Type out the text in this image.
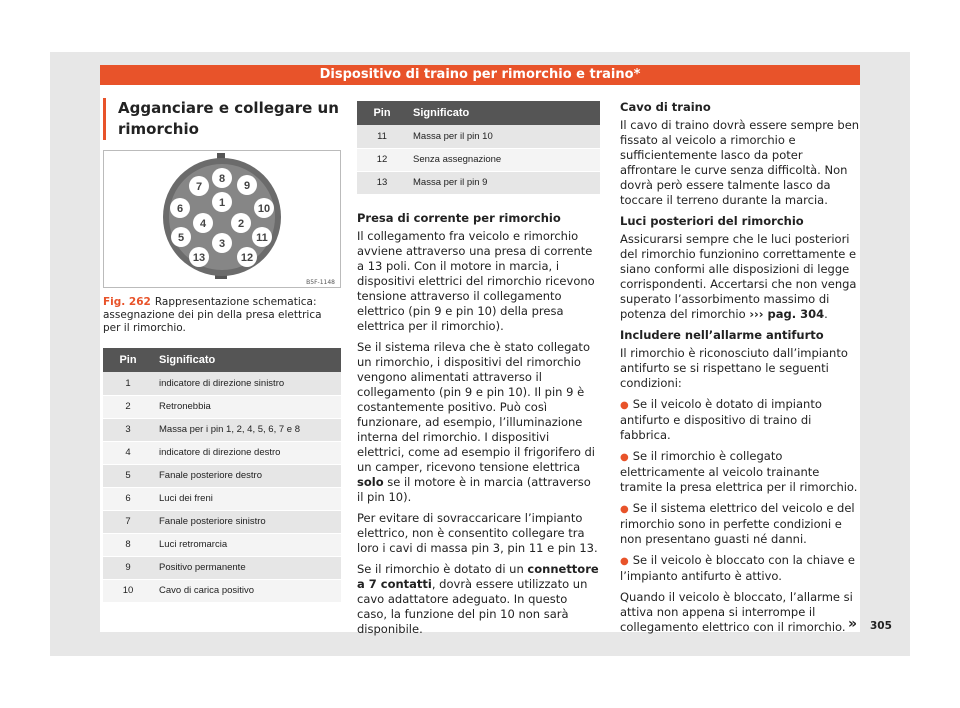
Dispositivo di traino per rimorchio e traino*
Agganciare e collegare un rimorchio
1
2
3
4
5
6
7
8
9
10
11
12
13
B5F-1148
Fig. 262 Rappresentazione schematica: assegnazione dei pin della presa elettrica per il rimorchio.
Pin	Significato
1	indicatore di direzione sinistro
2	Retronebbia
3	Massa per i pin 1, 2, 4, 5, 6, 7 e 8
4	indicatore di direzione destro
5	Fanale posteriore destro
6	Luci dei freni
7	Fanale posteriore sinistro
8	Luci retromarcia
9	Positivo permanente
10	Cavo di carica positivo
Pin	Significato
11	Massa per il pin 10
12	Senza assegnazione
13	Massa per il pin 9
Presa di corrente per rimorchio

Il collegamento fra veicolo e rimorchio avviene attraverso una presa di corrente a 13 poli. Con il motore in marcia, i dispositivi elettrici del rimorchio ricevono tensione attraverso il collegamento elettrico (pin 9 e pin 10) della presa elettrica per il rimorchio).

Se il sistema rileva che è stato collegato un rimorchio, i dispositivi del rimorchio vengono alimentati attraverso il collegamento (pin 9 e pin 10). Il pin 9 è costantemente positivo. Può così funzionare, ad esempio, l’illuminazione interna del rimorchio. I dispositivi elettrici, come ad esempio il frigorifero di un camper, ricevono tensione elettrica solo se il motore è in marcia (attraverso il pin 10).

Per evitare di sovraccaricare l’impianto elettrico, non è consentito collegare tra loro i cavi di massa pin 3, pin 11 e pin 13.

Se il rimorchio è dotato di un connettore a 7 contatti, dovrà essere utilizzato un cavo adattatore adeguato. In questo caso, la funzione del pin 10 non sarà disponibile.

Cavo di traino

Il cavo di traino dovrà essere sempre ben fissato al veicolo a rimorchio e sufficientemente lasco da poter affrontare le curve senza difficoltà. Non dovrà però essere talmente lasco da toccare il terreno durante la marcia.

Luci posteriori del rimorchio

Assicurarsi sempre che le luci posteriori del rimorchio funzionino correttamente e siano conformi alle disposizioni di legge corrispondenti. Accertarsi che non venga superato l’assorbimento massimo di potenza del rimorchio ››› pag. 304.

Includere nell’allarme antifurto

Il rimorchio è riconosciuto dall’impianto antifurto se si rispettano le seguenti condizioni:

● Se il veicolo è dotato di impianto antifurto e dispositivo di traino di fabbrica.

● Se il rimorchio è collegato elettricamente al veicolo trainante tramite la presa elettrica per il rimorchio.

● Se il sistema elettrico del veicolo e del rimorchio sono in perfette condizioni e non presentano guasti né danni.

● Se il veicolo è bloccato con la chiave e l’impianto antifurto è attivo.

Quando il veicolo è bloccato, l’allarme si attiva non appena si interrompe il collegamento elettrico con il rimorchio. » 305
